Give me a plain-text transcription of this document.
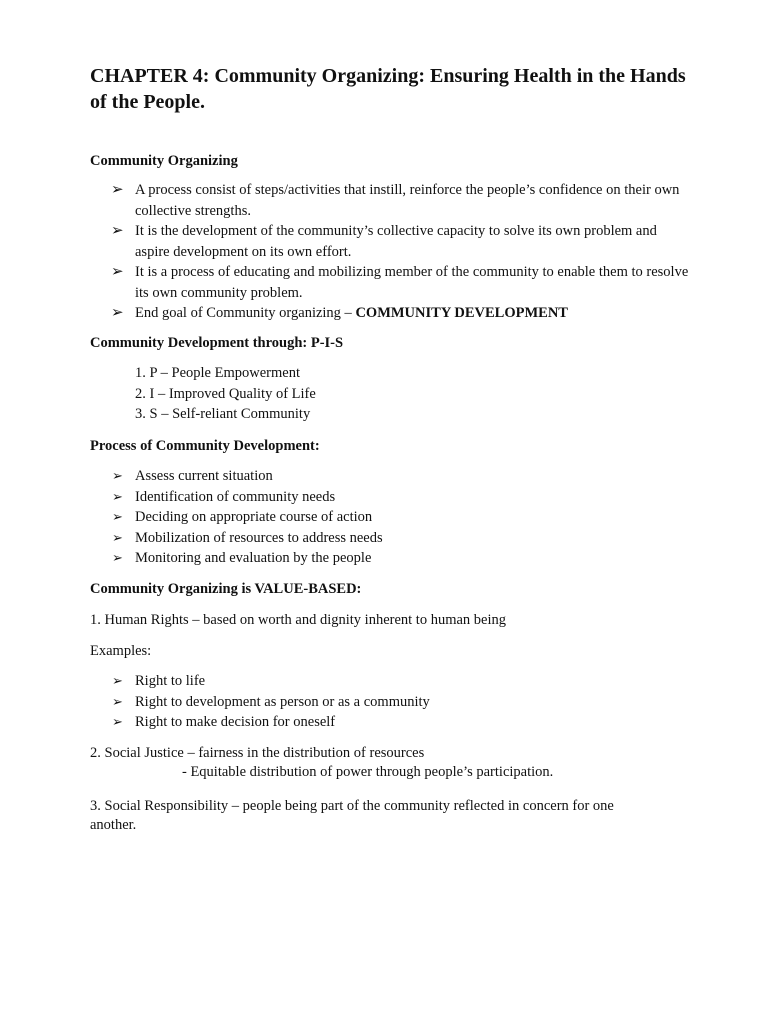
CHAPTER 4: Community Organizing: Ensuring Health in the Hands of the People.
Community Organizing
➢ A process consist of steps/activities that instill, reinforce the people’s confidence on their own collective strengths.
➢ It is the development of the community’s collective capacity to solve its own problem and aspire development on its own effort.
➢ It is a process of educating and mobilizing member of the community to enable them to resolve its own community problem.
➢ End goal of Community organizing – COMMUNITY DEVELOPMENT
Community Development through: P-I-S
1. P – People Empowerment
2. I – Improved Quality of Life
3. S – Self-reliant Community
Process of Community Development:
➢ Assess current situation
➢ Identification of community needs
➢ Deciding on appropriate course of action
➢ Mobilization of resources to address needs
➢ Monitoring and evaluation by the people
Community Organizing is VALUE-BASED:

1. Human Rights – based on worth and dignity inherent to human being

Examples:

➢ Right to life
➢ Right to development as person or as a community
➢ Right to make decision for oneself

2. Social Justice – fairness in the distribution of resources

- Equitable distribution of power through people’s participation.

3. Social Responsibility – people being part of the community reflected in concern for one another.
